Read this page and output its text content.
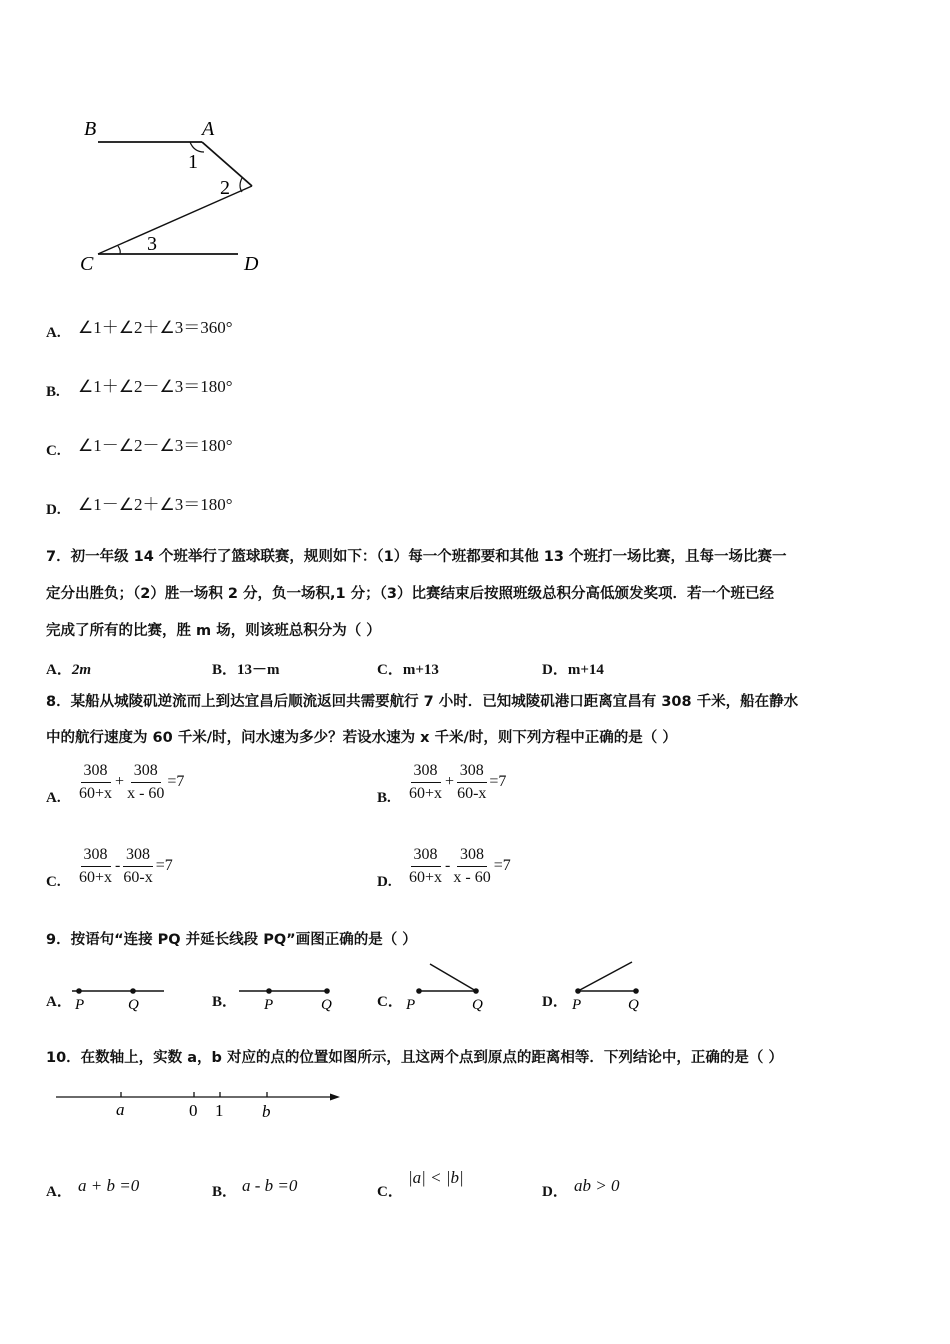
B	A
1
2
3
C	D
A. ∠1＋∠2＋∠3＝360°
B. ∠1＋∠2－∠3＝180°
C. ∠1－∠2－∠3＝180°
D. ∠1－∠2＋∠3＝180°
7．初一年级 14 个班举行了篮球联赛，规则如下：（1）每一个班都要和其他 13 个班打一场比赛，且每一场比赛一
定分出胜负；（2）胜一场积 2 分，负一场积,1 分；（3）比赛结束后按照班级总积分高低颁发奖项．若一个班已经
完成了所有的比赛，胜 m 场，则该班总积分为（ ）
A．2m	B．13－m	C．m+13	D．m+14
8．某船从城陵矶逆流而上到达宜昌后顺流返回共需要航行 7 小时．已知城陵矶港口距离宜昌有 308 千米，船在静水
中的航行速度为 60 千米/时，问水速为多少？若设水速为 x 千米/时，则下列方程中正确的是（ ）
A. $\frac{308}{60+x} + \frac{308}{x - 60} =7$
B. $\frac{308}{60+x} + \frac{308}{60-x} =7$
C. $\frac{308}{60+x} - \frac{308}{60-x} =7$
D. $\frac{308}{60+x} - \frac{308}{x - 60} =7$
9．按语句“连接 PQ 并延长线段 PQ”画图正确的是（ ）
A． P	Q	B． P	Q	C． P	Q	D． P	Q
10．在数轴上，实数 a，b 对应的点的位置如图所示，且这两个点到原点的距离相等．下列结论中，正确的是（ ）
a	0 1 b
A． a + b =0	B． a - b =0	C．
|a| < |b|
D． ab > 0
